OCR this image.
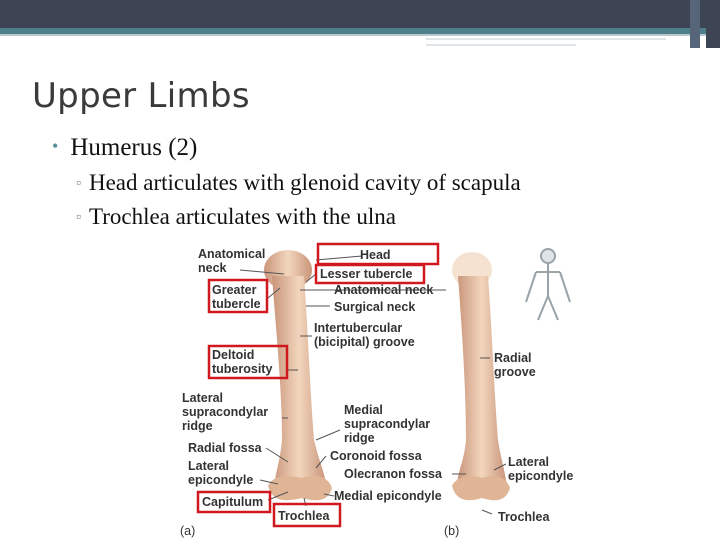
Upper Limbs
• Humerus (2)
▫ Head articulates with glenoid cavity of scapula
▫ Trochlea articulates with the ulna
Anatomical
neck
Greater
tubercle
Deltoid
tuberosity
Lateral
supracondylar
ridge
Radial fossa
Lateral
epicondyle
Capitulum
Trochlea
(a)
Head
Lesser tubercle
Anatomical neck
Surgical neck
Intertubercular
(bicipital) groove
Medial
supracondylar
ridge
Coronoid fossa
Olecranon fossa
Medial epicondyle
Radial
groove
Lateral
epicondyle
Trochlea
(b)
